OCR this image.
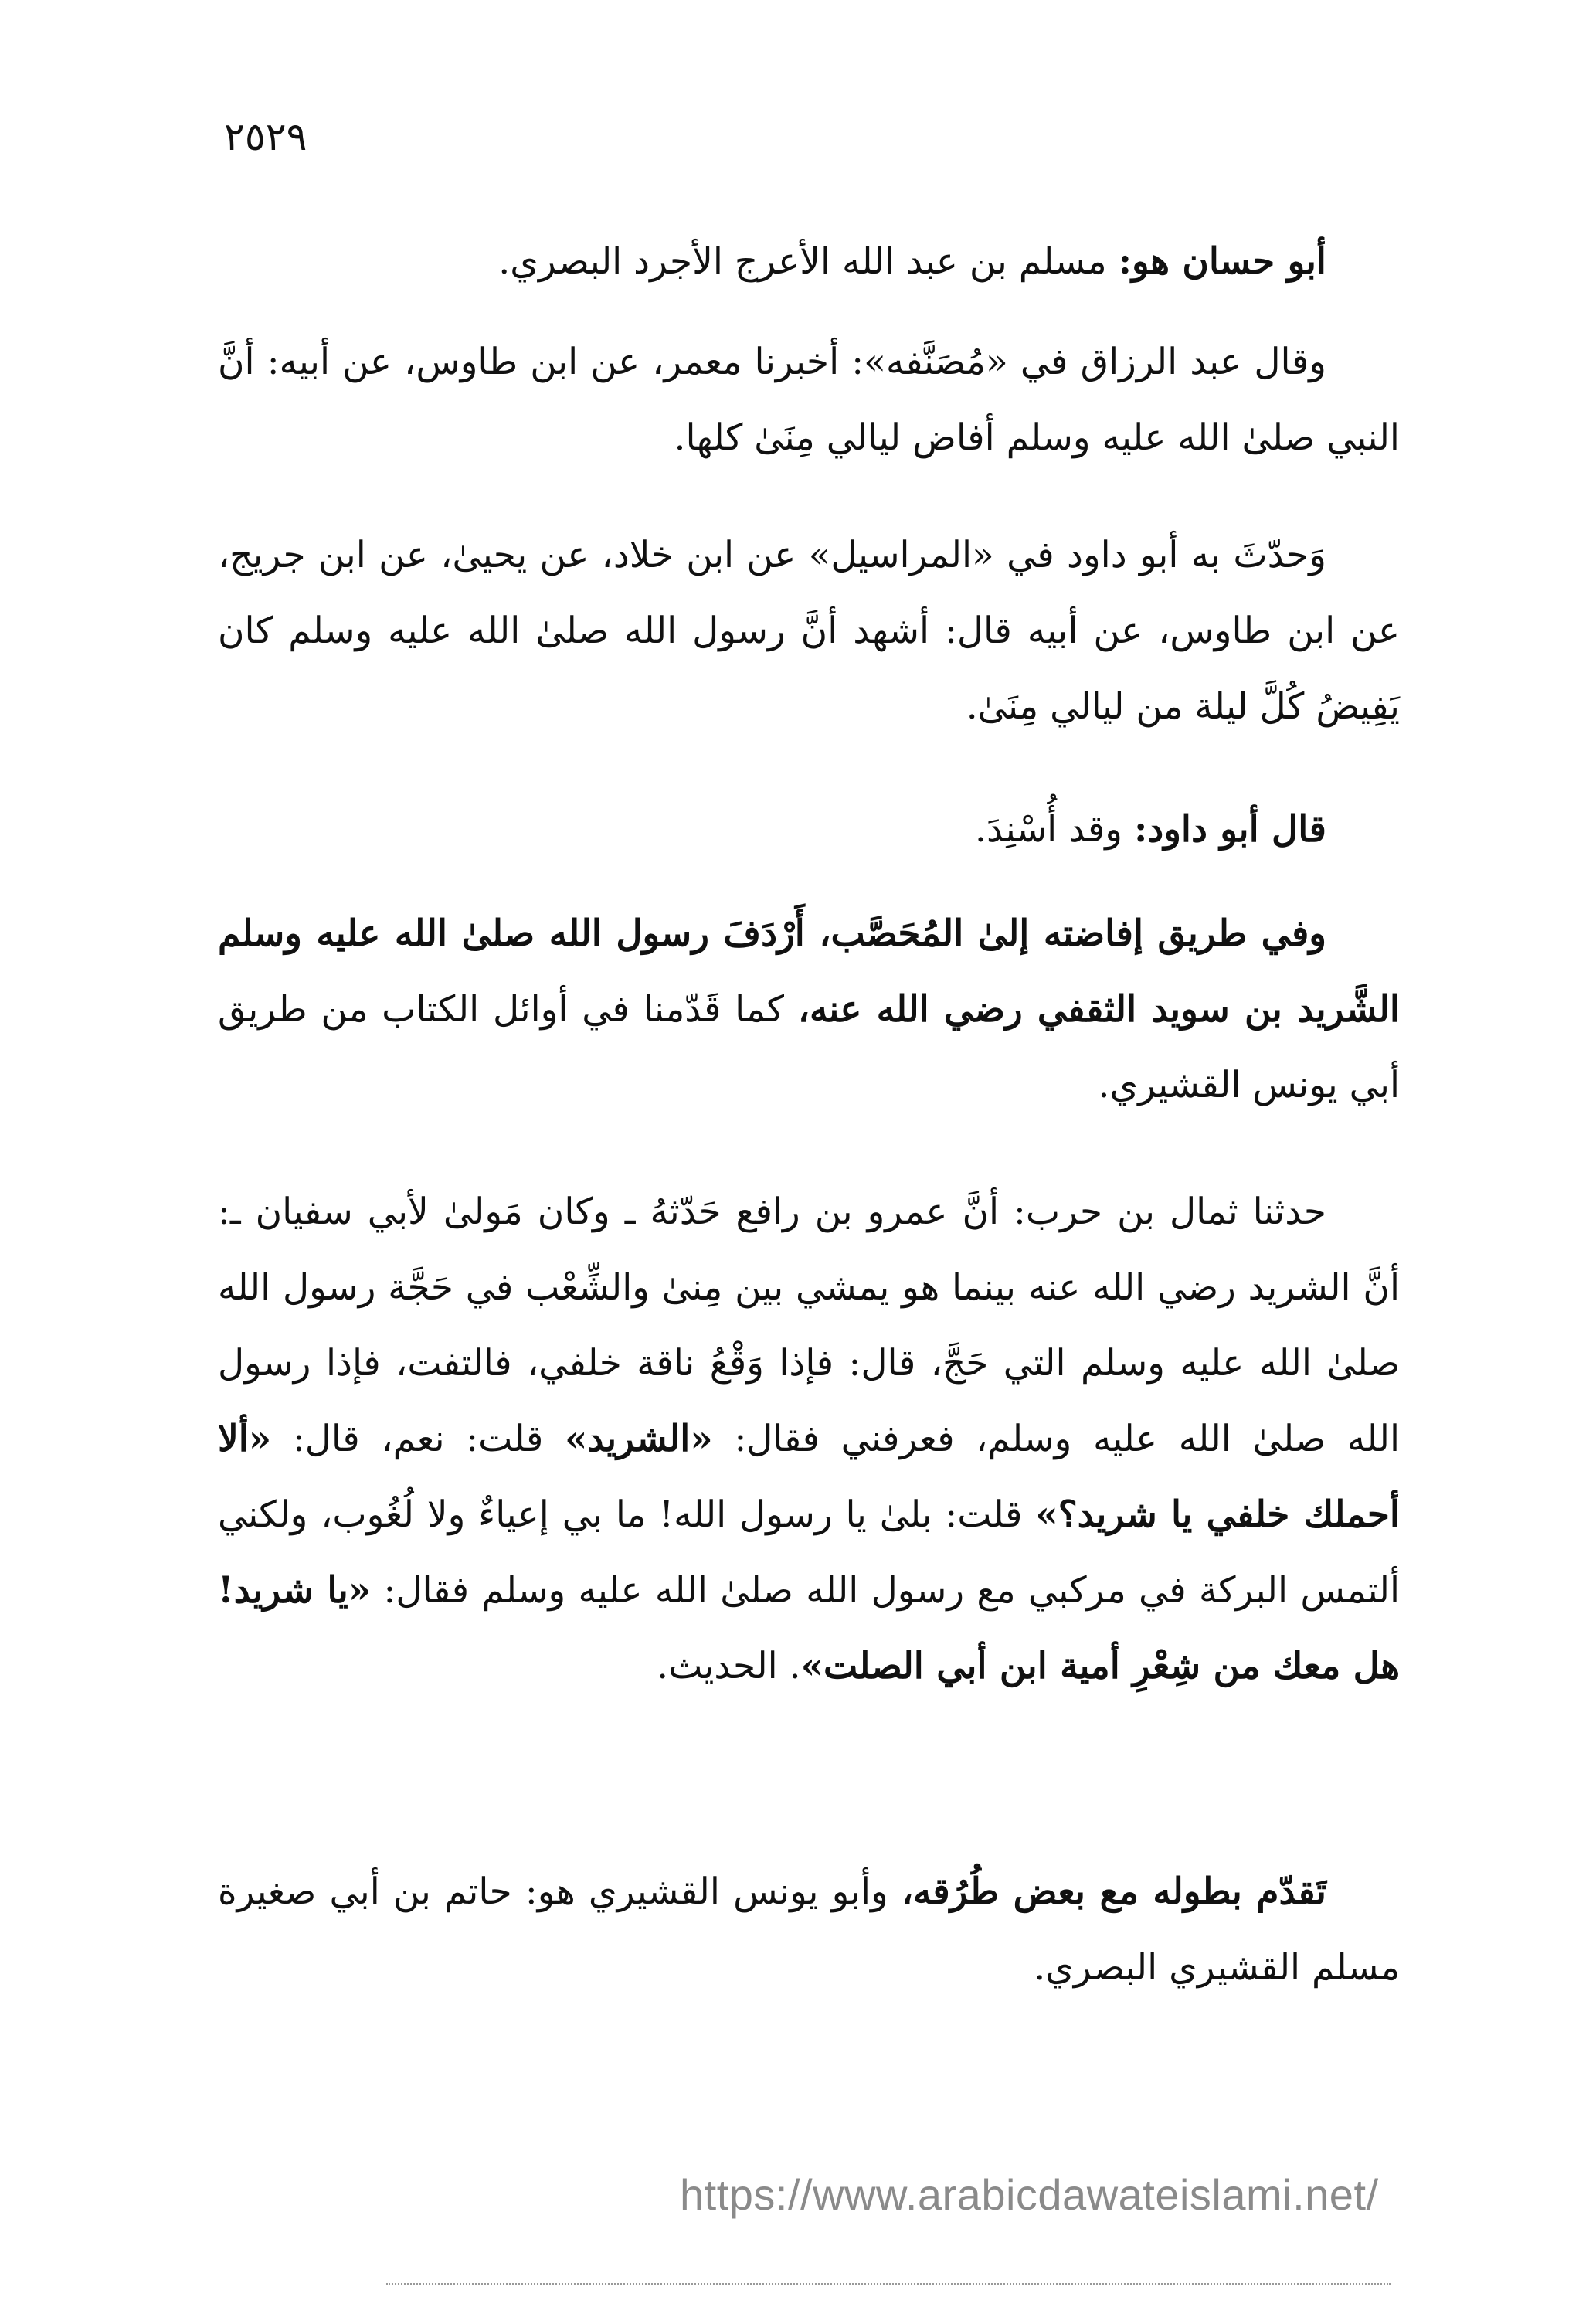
٢٥٢٩

أبو حسان هو: مسلم بن عبد الله الأعرج الأجرد البصري.

وقال عبد الرزاق في «مُصَنَّفه»: أخبرنا معمر، عن ابن طاوس، عن أبيه: أنَّ النبي صلىٰ الله عليه وسلم أفاض ليالي مِنَىٰ كلها.

وَحدّثَ به أبو داود في «المراسيل» عن ابن خلاد، عن يحيىٰ، عن ابن جريج، عن ابن طاوس، عن أبيه قال: أشهد أنَّ رسول الله صلىٰ الله عليه وسلم كان يَفِيضُ كُلَّ ليلة من ليالي مِنَىٰ.

قال أبو داود: وقد أُسْنِدَ.

وفي طريق إفاضته إلىٰ المُحَصَّب، أَرْدَفَ رسول الله صلىٰ الله عليه وسلم الشَّريد بن سويد الثقفي رضي الله عنه، كما قَدّمنا في أوائل الكتاب من طريق أبي يونس القشيري.

حدثنا ثمال بن حرب: أنَّ عمرو بن رافع حَدّثهُ ـ وكان مَولىٰ لأبي سفيان ـ: أنَّ الشريد رضي الله عنه بينما هو يمشي بين مِنىٰ والشِّعْب في حَجَّة رسول الله صلىٰ الله عليه وسلم التي حَجَّ، قال: فإذا وَقْعُ ناقة خلفي، فالتفت، فإذا رسول الله صلىٰ الله عليه وسلم، فعرفني فقال: «الشريد» قلت: نعم، قال: «ألا أحملك خلفي يا شريد؟» قلت: بلىٰ يا رسول الله! ما بي إعياءٌ ولا لُغُوب، ولكني ألتمس البركة في مركبي مع رسول الله صلىٰ الله عليه وسلم فقال: «يا شريد! هل معك من شِعْرِ أمية ابن أبي الصلت». الحديث.

تَقدّم بطوله مع بعض طُرُقه، وأبو يونس القشيري هو: حاتم بن أبي صغيرة مسلم القشيري البصري.

https://www.arabicdawateislami.net/
